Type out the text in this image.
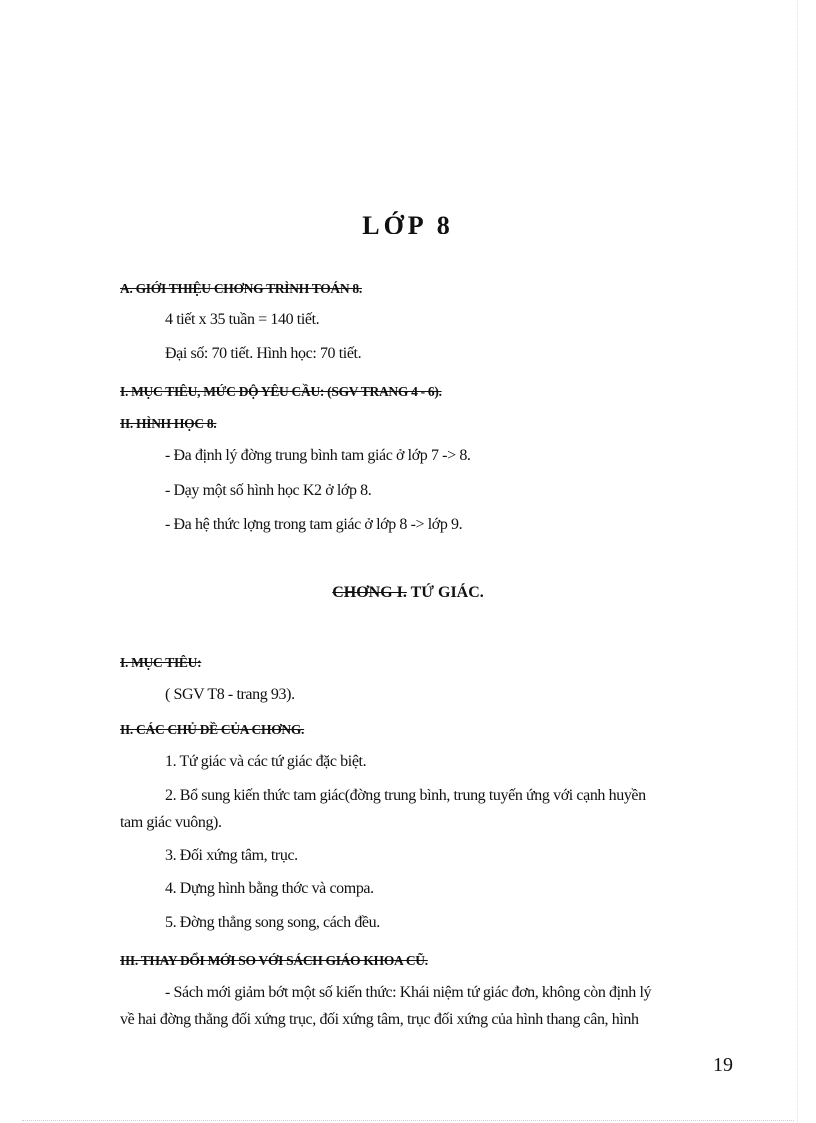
LỚP 8
A. GIỚI THIỆU CHƠNG TRÌNH TOÁN 8.
4 tiết x 35 tuần = 140 tiết.
Đại số: 70 tiết. Hình học: 70 tiết.
I. MỤC TIÊU, MỨC ĐỘ YÊU CẦU: (SGV TRANG 4 - 6).
II. HÌNH HỌC 8.
- Đa định lý đờng trung bình tam giác ở lớp 7 -> 8.
- Dạy một số hình học K2 ở lớp 8.
- Đa hệ thức lợng trong tam giác ở lớp 8 -> lớp 9.
CHƠNG I. TỨ GIÁC.
I. MỤC TIÊU:
( SGV T8 - trang 93).
II. CÁC CHỦ ĐỀ CỦA CHƠNG.
1. Tứ giác và các tứ giác đặc biệt.
2. Bổ sung kiến thức tam giác(đờng trung bình, trung tuyến ứng với cạnh huyền
tam giác vuông).
3. Đối xứng tâm, trục.
4. Dựng hình bằng thớc và compa.
5. Đờng thẳng song song, cách đều.
III. THAY ĐỔI MỚI SO VỚI SÁCH GIÁO KHOA CŨ.
- Sách mới giảm bớt một số kiến thức: Khái niệm tứ giác đơn, không còn định lý
về hai đờng thẳng đối xứng trục, đối xứng tâm, trục đối xứng của hình thang cân, hình
19
